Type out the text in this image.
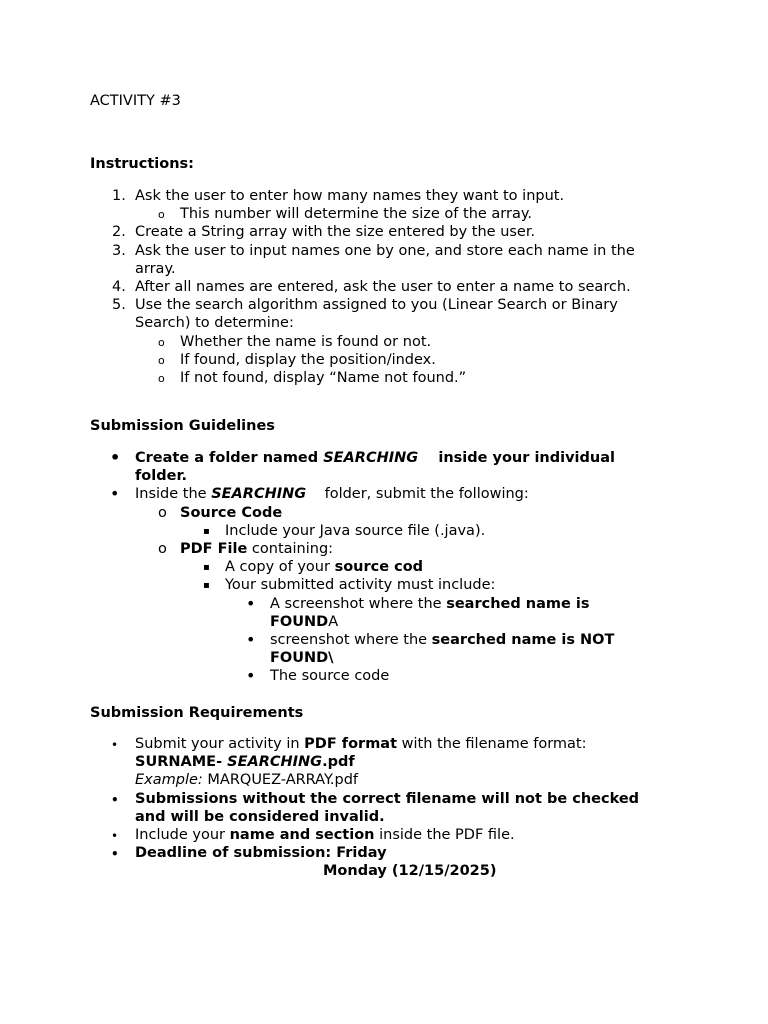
ACTIVITY #3
Instructions:
1. Ask the user to enter how many names they want to input.
o This number will determine the size of the array.
2. Create a String array with the size entered by the user.
3. Ask the user to input names one by one, and store each name in the
array.
4. After all names are entered, ask the user to enter a name to search.
5. Use the search algorithm assigned to you (Linear Search or Binary
Search) to determine:
o Whether the name is found or not.
o If found, display the position/index.
o If not found, display “Name not found.”
Submission Guidelines
• Create a folder named SEARCHING inside your individual
folder.
• Inside the SEARCHING folder, submit the following:
o Source Code
▪ Include your Java source file (.java).
o PDF File containing:
▪ A copy of your source cod
▪ Your submitted activity must include:
• A screenshot where the searched name is
FOUNDA
• screenshot where the searched name is NOT
FOUND\
• The source code
Submission Requirements
• Submit your activity in PDF format with the filename format:
SURNAME- SEARCHING.pdf
Example: MARQUEZ-ARRAY.pdf
• Submissions without the correct filename will not be checked
and will be considered invalid.
• Include your name and section inside the PDF file.
• Deadline of submission: Friday
Monday (12/15/2025)
